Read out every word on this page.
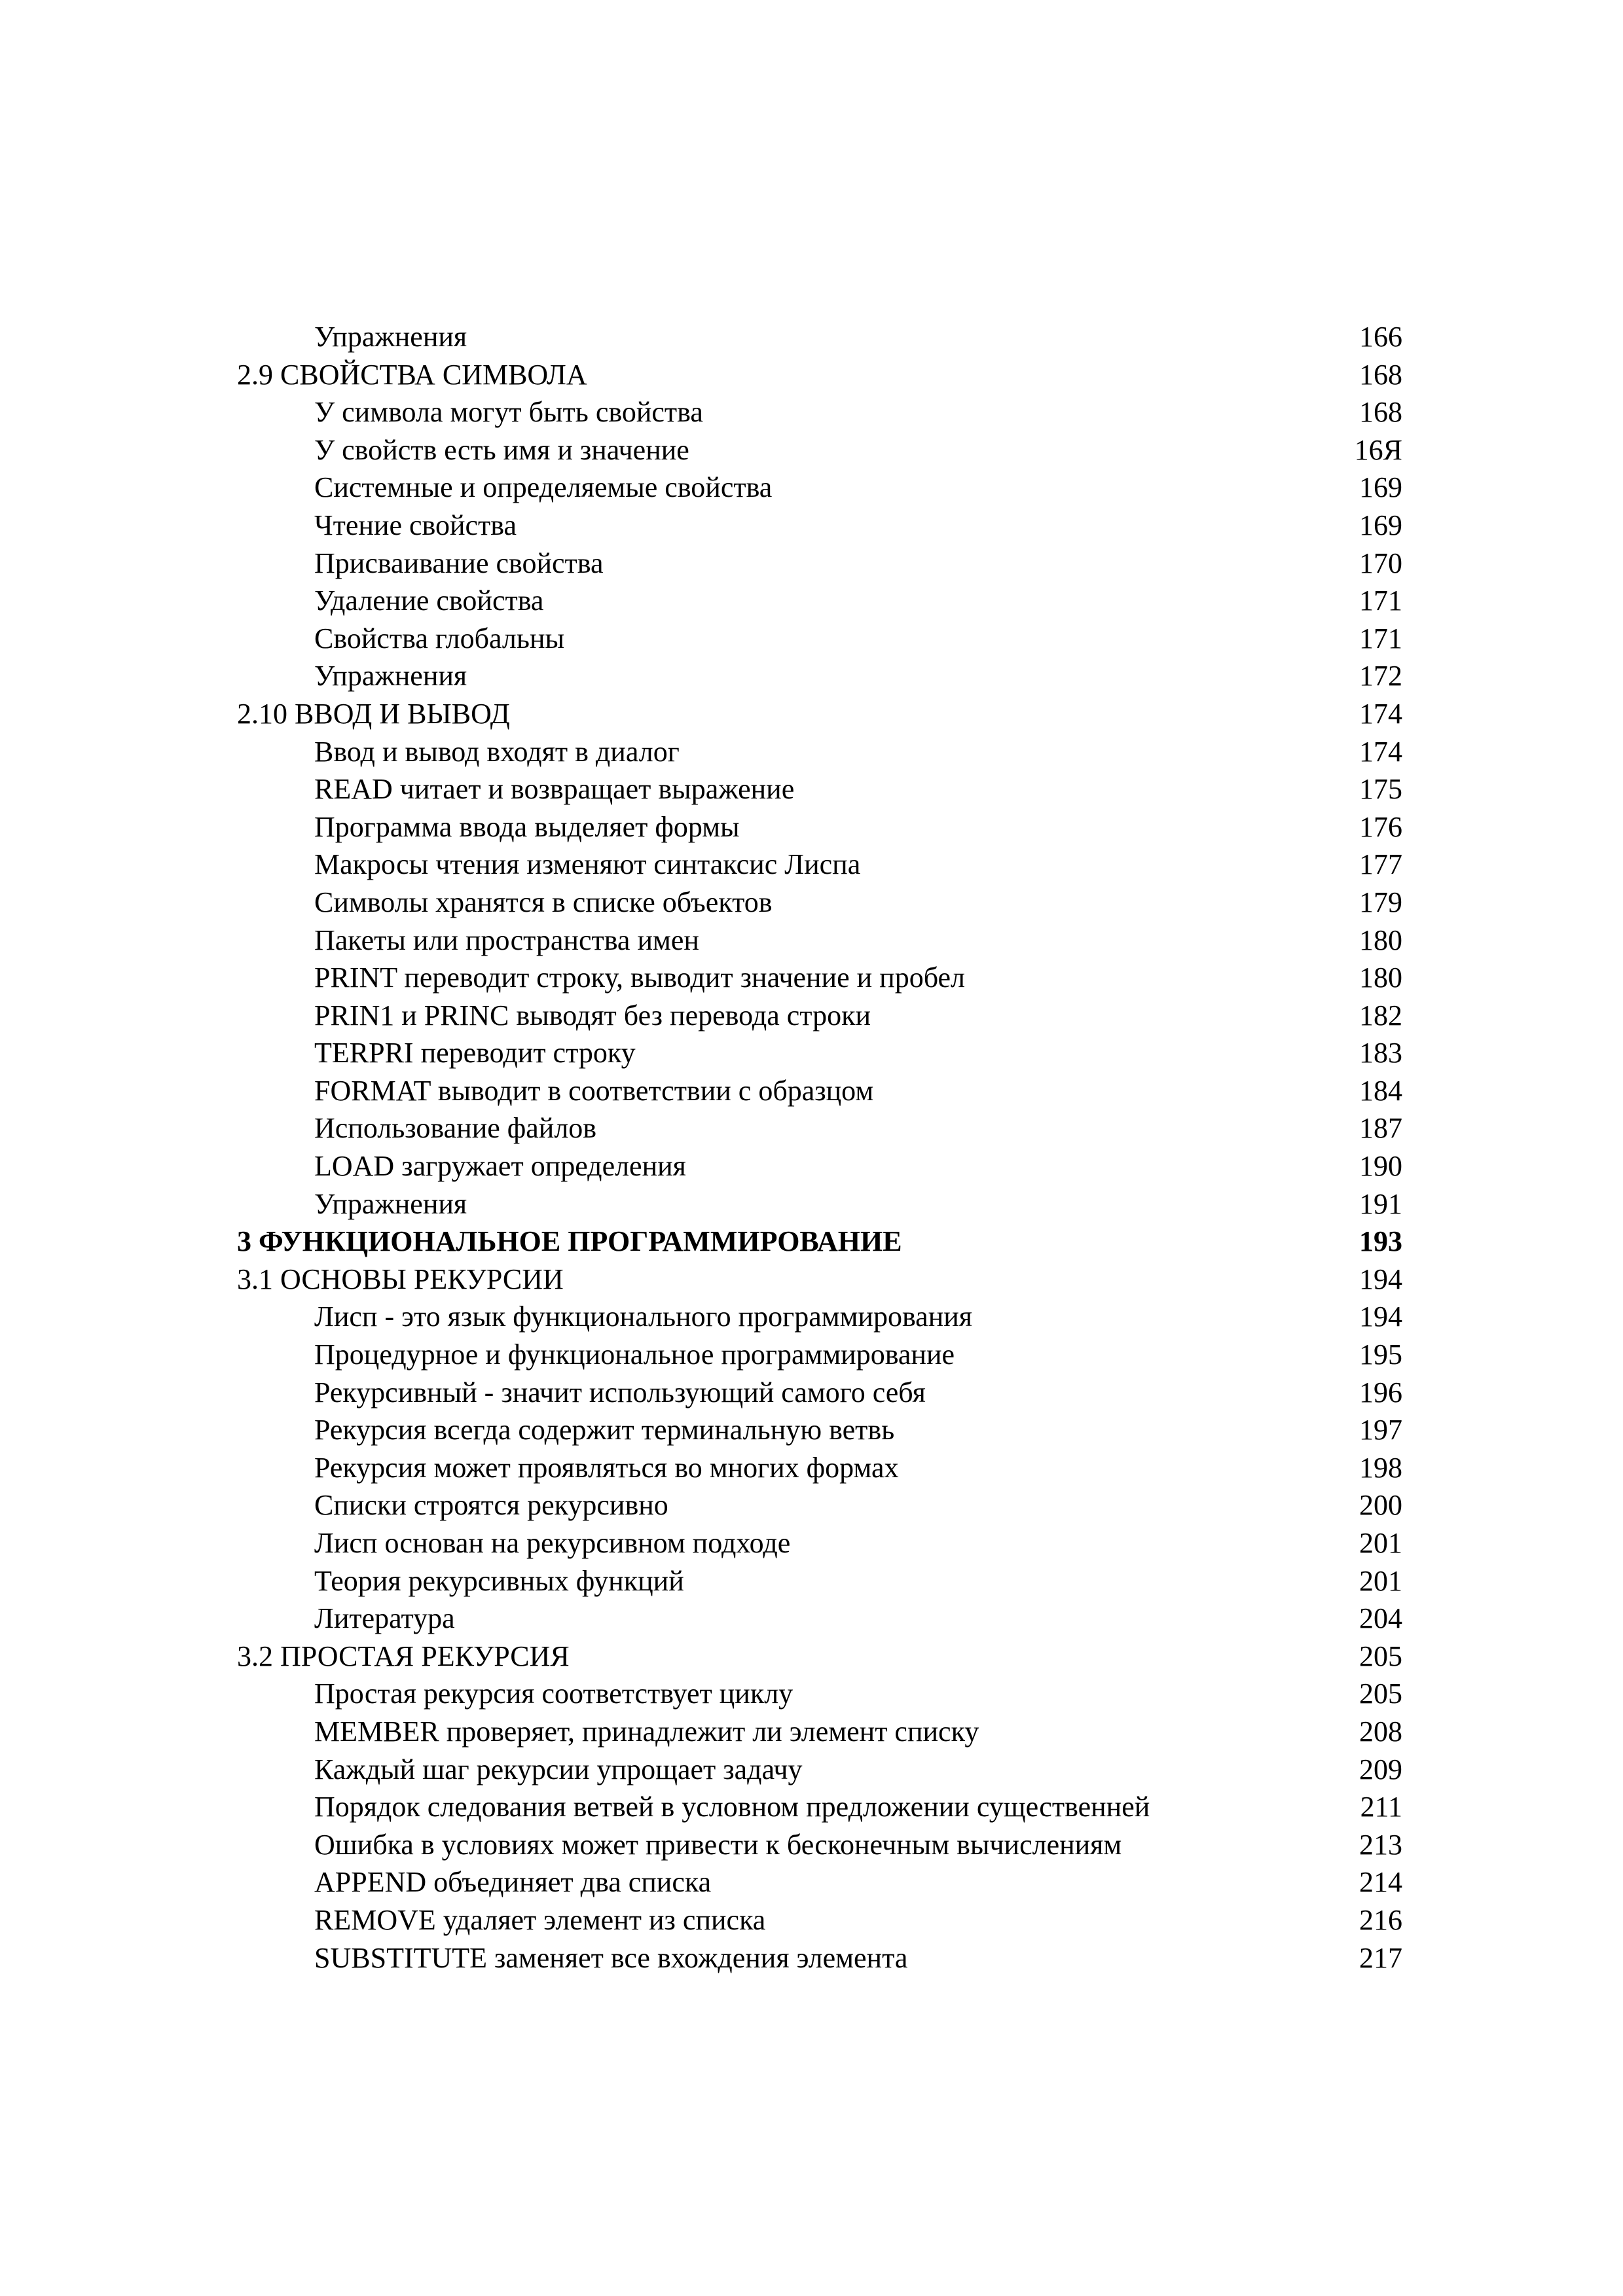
Упражнения	166
2.9 СВОЙСТВА СИМВОЛА	168
У символа могут быть свойства	168
У свойств есть имя и значение	16Я
Системные и определяемые свойства	169
Чтение свойства	169
Присваивание свойства	170
Удаление свойства	171
Свойства глобальны	171
Упражнения	172
2.10 ВВОД И ВЫВОД	174
Ввод и вывод входят в диалог	174
READ читает и возвращает выражение	175
Программа ввода выделяет формы	176
Макросы чтения изменяют синтаксис Лиспа	177
Символы хранятся в списке объектов	179
Пакеты или пространства имен	180
PRINT переводит строку, выводит значение и пробел	180
PRIN1 и PRINC выводят без перевода строки	182
TERPRI переводит строку	183
FORMAT выводит в соответствии с образцом	184
Использование файлов	187
LOAD загружает определения	190
Упражнения	191
3 ФУНКЦИОНАЛЬНОЕ ПРОГРАММИРОВАНИЕ	193
3.1 ОСНОВЫ РЕКУРСИИ	194
Лисп - это язык функционального программирования	194
Процедурное и функциональное программирование	195
Рекурсивный - значит использующий самого себя	196
Рекурсия всегда содержит терминальную ветвь	197
Рекурсия может проявляться во многих формах	198
Списки строятся рекурсивно	200
Лисп основан на рекурсивном подходе	201
Теория рекурсивных функций	201
Литература	204
3.2 ПРОСТАЯ РЕКУРСИЯ	205
Простая рекурсия соответствует циклу	205
MEMBER проверяет, принадлежит ли элемент списку	208
Каждый шаг рекурсии упрощает задачу	209
Порядок следования ветвей в условном предложении существенней	211
Ошибка в условиях может привести к бесконечным вычислениям	213
APPEND объединяет два списка	214
REMOVE удаляет элемент из списка	216
SUBSTITUTE заменяет все вхождения элемента	217
